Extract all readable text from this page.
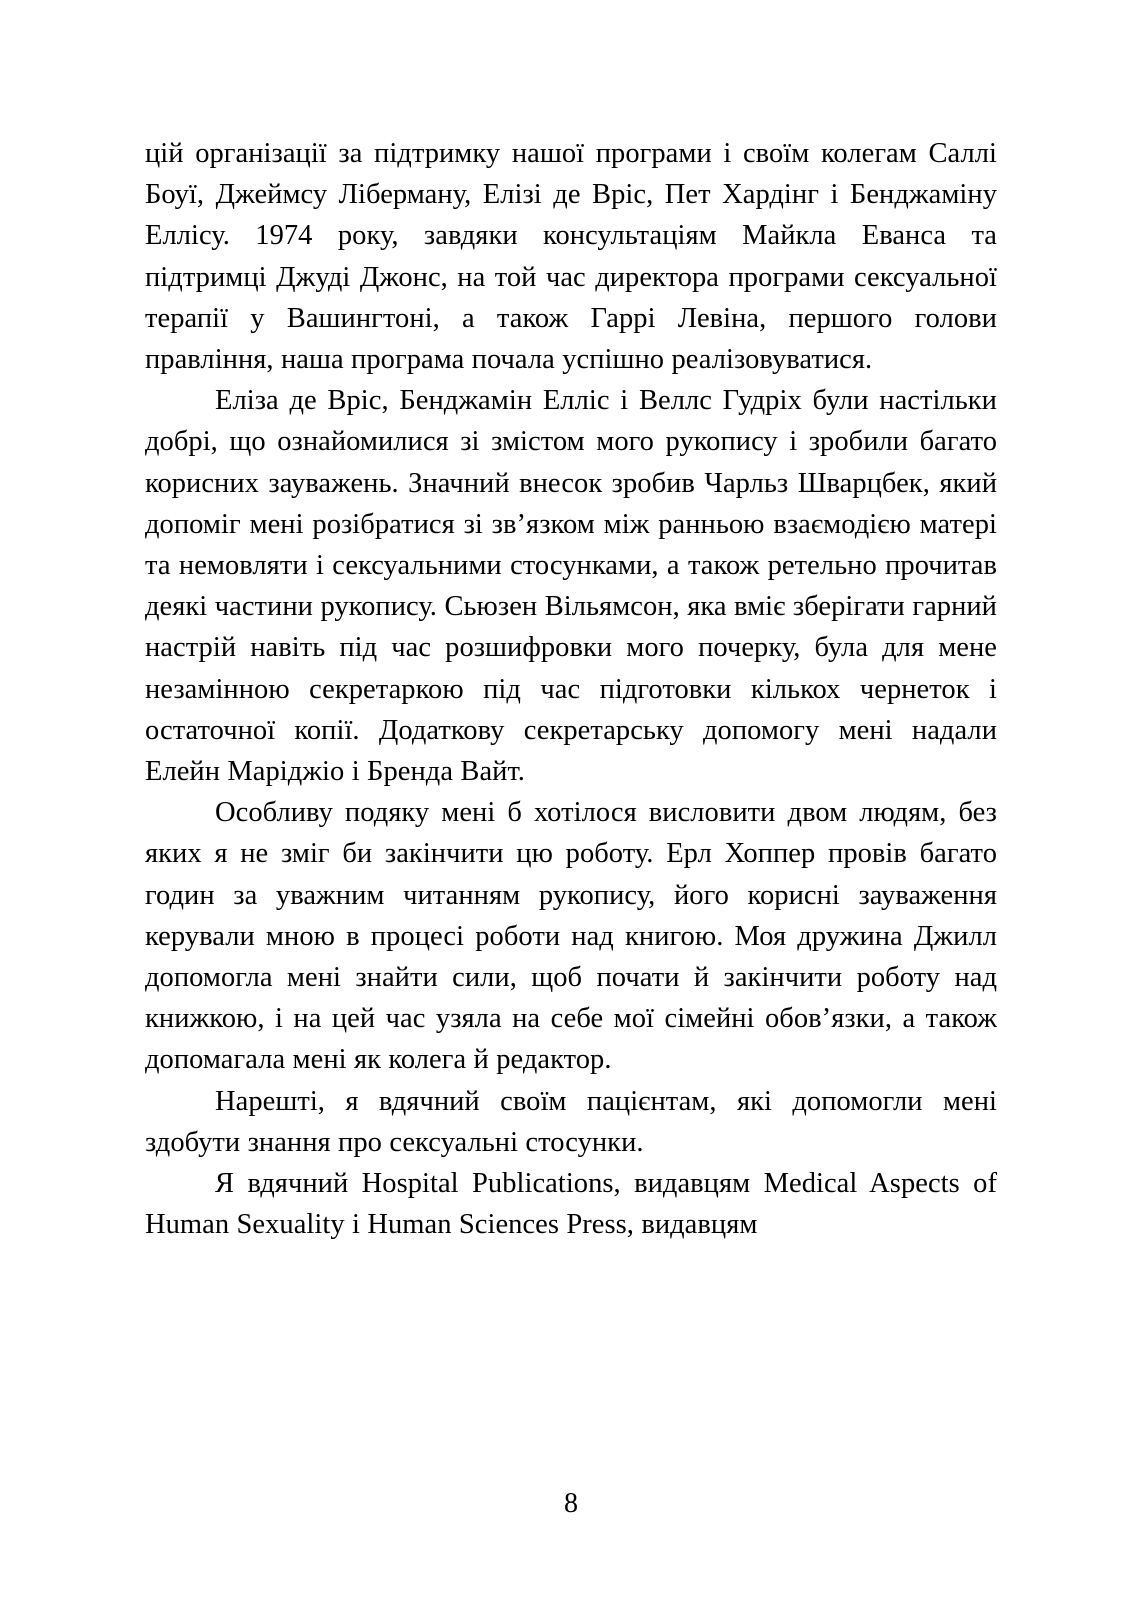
цій організації за підтримку нашої програми і своїм колегам Саллі Боуї, Джеймсу Ліберману, Елізі де Вріс, Пет Хардінг і Бенджаміну Еллісу. 1974 року, завдяки консультаціям Майкла Еванса та підтримці Джуді Джонс, на той час директора програми сексуальної терапії у Вашингтоні, а також Гаррі Левіна, першого голови правління, наша програма почала успішно реалізовуватися.

Еліза де Вріс, Бенджамін Елліс і Веллс Гудріх були настільки добрі, що ознайомилися зі змістом мого рукопису і зробили багато корисних зауважень. Значний внесок зробив Чарльз Шварцбек, який допоміг мені розібратися зі зв’язком між ранньою взаємодією матері та немовляти і сексуальними стосунками, а також ретельно прочитав деякі частини рукопису. Сьюзен Вільямсон, яка вміє зберігати гарний настрій навіть під час розшифровки мого почерку, була для мене незамінною секретаркою під час підготовки кількох чернеток і остаточної копії. Додаткову секретарську допомогу мені надали Елейн Маріджіо і Бренда Вайт.

Особливу подяку мені б хотілося висловити двом людям, без яких я не зміг би закінчити цю роботу. Ерл Хоппер провів багато годин за уважним читанням рукопису, його корисні зауваження керували мною в процесі роботи над книгою. Моя дружина Джилл допомогла мені знайти сили, щоб почати й закінчити роботу над книжкою, і на цей час узяла на себе мої сімейні обов’язки, а також допомагала мені як колега й редактор.

Нарешті, я вдячний своїм пацієнтам, які допомогли мені здобути знання про сексуальні стосунки.

Я вдячний Hospital Publications, видавцям Medical Aspects of Human Sexuality і Human Sciences Press, видавцям

8
